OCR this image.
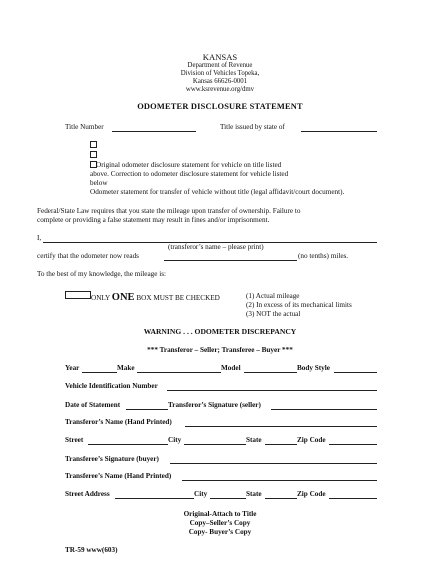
KANSAS
Department of Revenue
Division of Vehicles Topeka,
Kansas 66626-0001
www.ksrevenue.org/dmv
ODOMETER DISCLOSURE STATEMENT
Title Number	Title issued by state of
Original odometer disclosure statement for vehicle on title listed
above. Correction to odometer disclosure statement for vehicle listed
below
Odometer statement for transfer of vehicle without title (legal affidavit/court document).
Federal/State Law requires that you state the mileage upon transfer of ownership. Failure to
complete or providing a false statement may result in fines and/or imprisonment.
I,
(transferor’s name – please print)
certify that the odometer now reads	(no tenths) miles.
To the best of my knowledge, the mileage is:
ONLY ONE BOX MUST BE CHECKED	(1) Actual mileage
(2) In excess of its mechanical limits
(3) NOT the actual
WARNING . . . ODOMETER DISCREPANCY
*** Transferor – Seller; Transferee – Buyer ***
Year	Make	Model	Body Style
Vehicle Identification Number
Date of Statement	Transferor’s Signature (seller)
Transferor’s Name (Hand Printed)
Street	City	State	Zip Code
Transferee’s Signature (buyer)
Transferee’s Name (Hand Printed)
Street Address	City	State	Zip Code
Original-Attach to Title
Copy–Seller’s Copy
Copy- Buyer’s Copy
TR-59 www(603)
